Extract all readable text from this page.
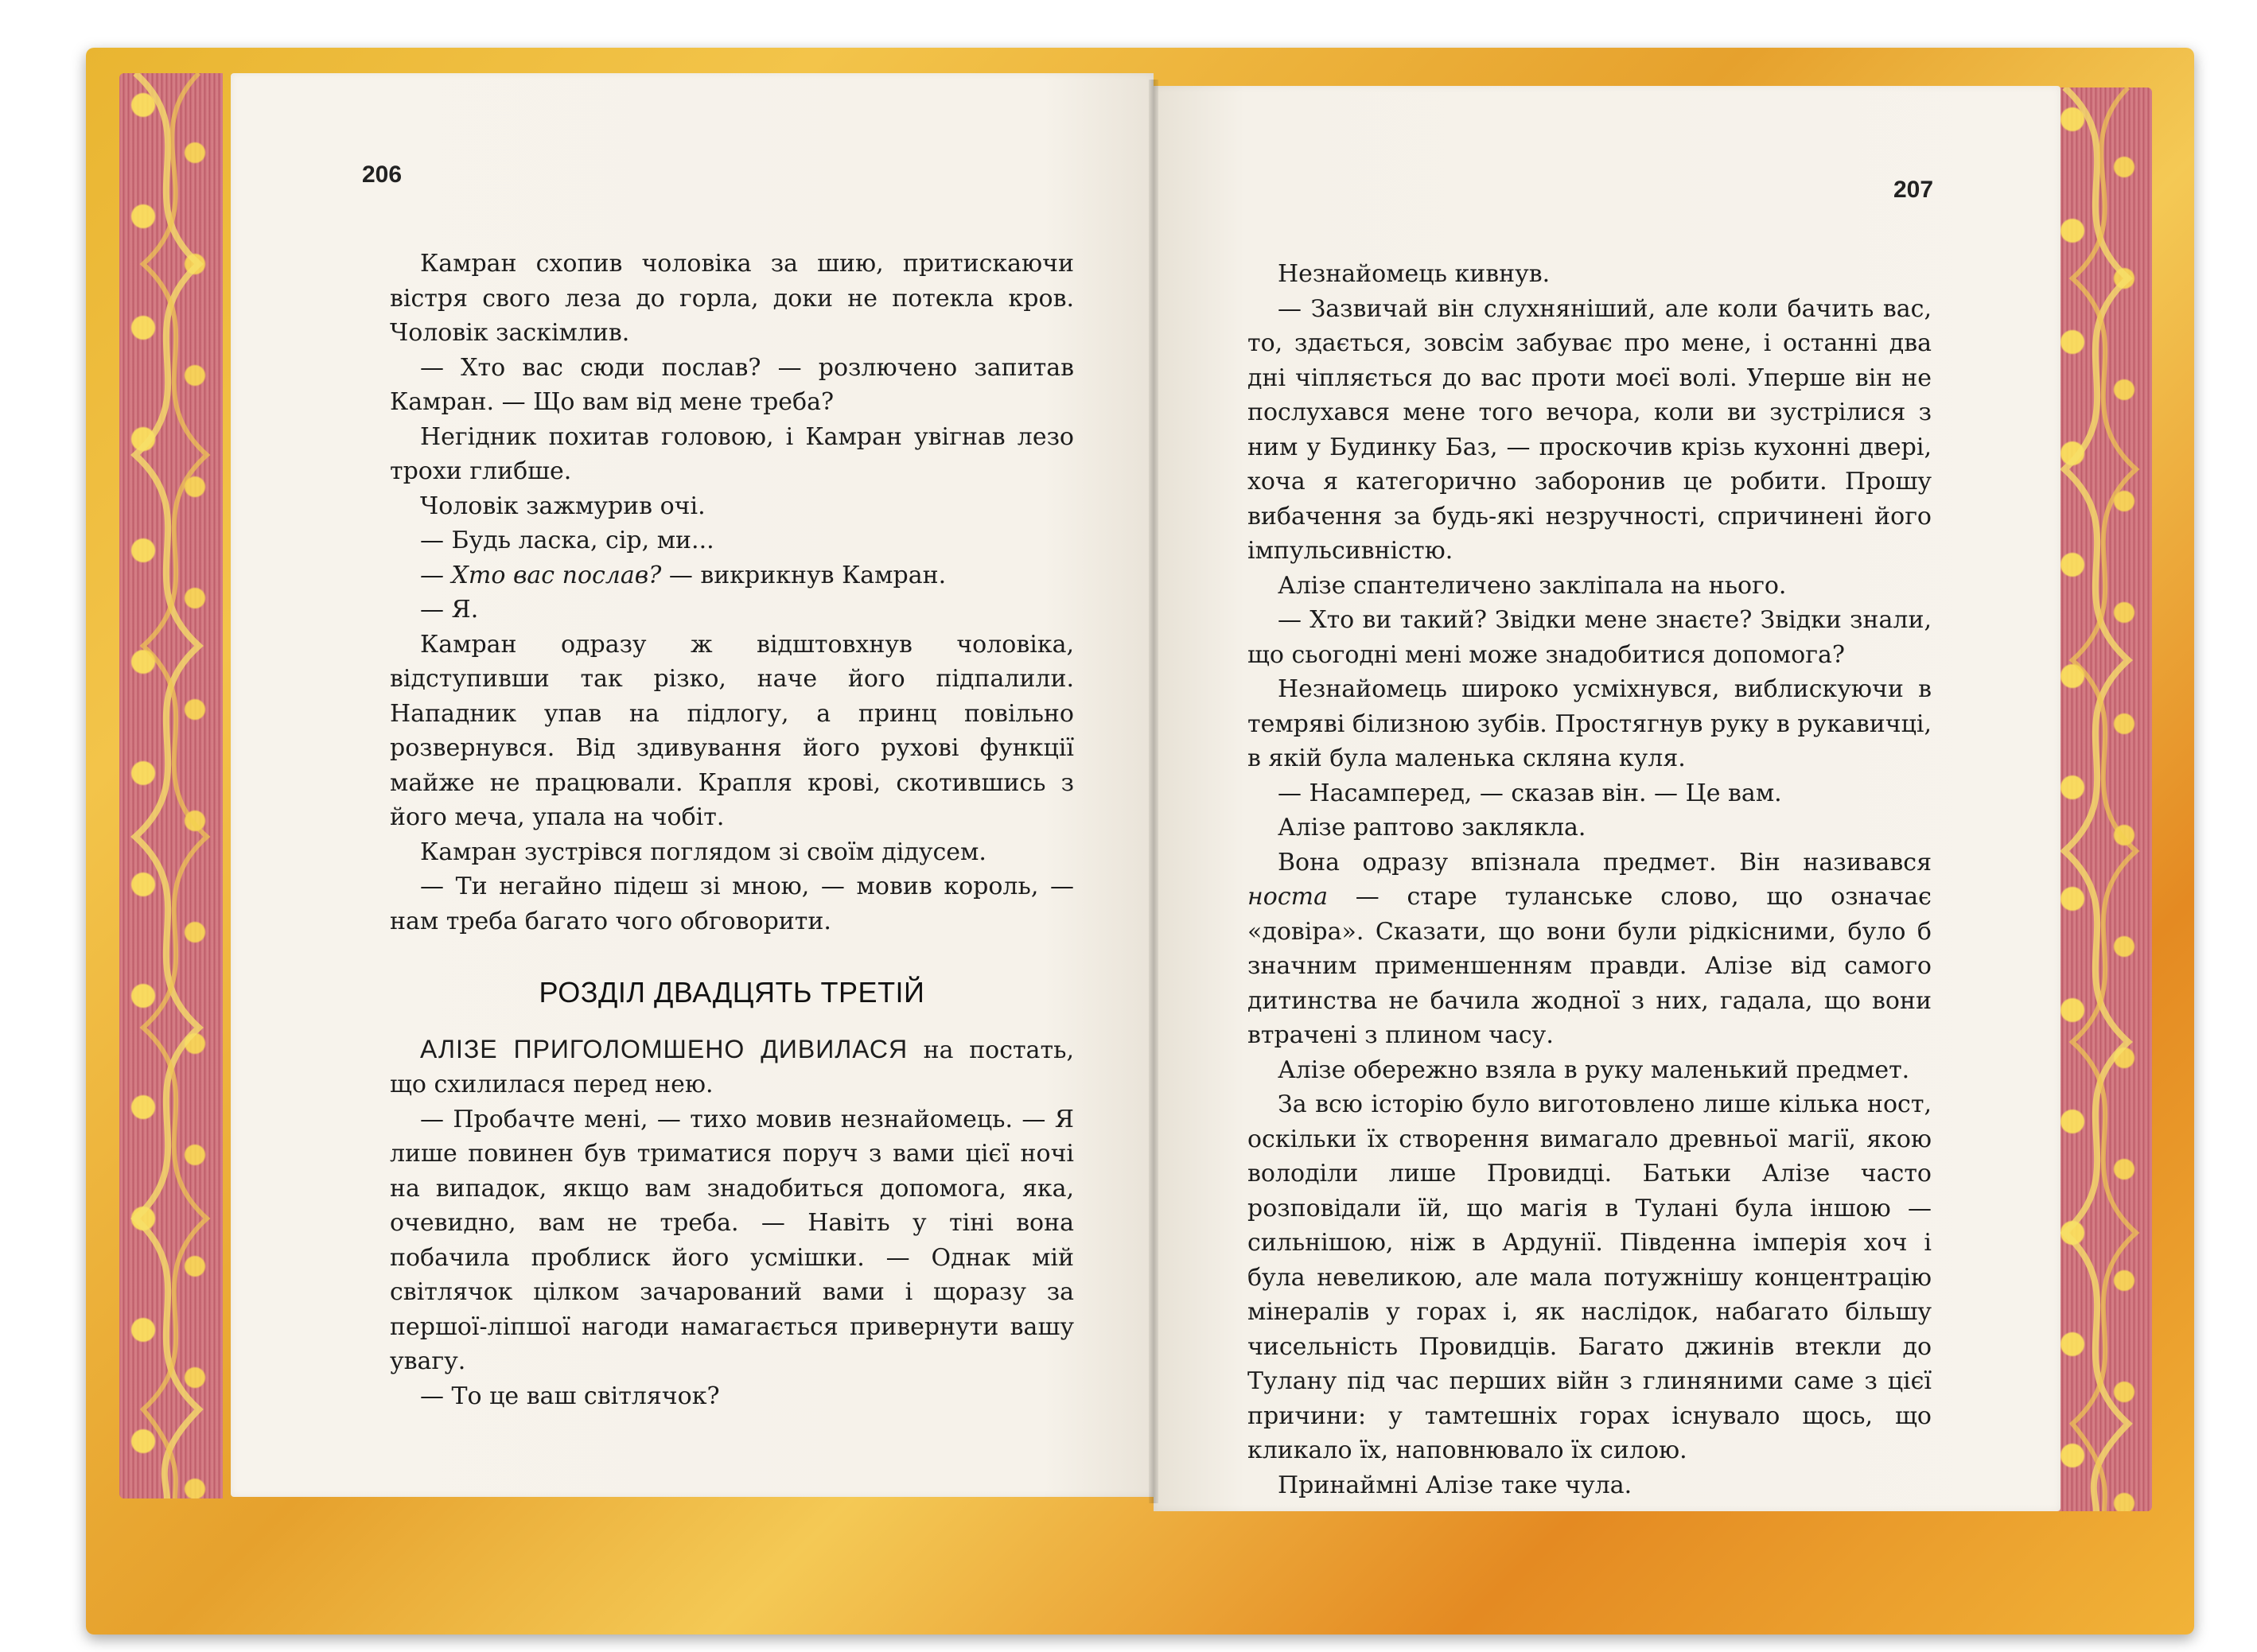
206
207

Камран схопив чоловіка за шию, притискаючи вістря свого леза до горла, доки не потекла кров. Чоловік заскімлив.

— Хто вас сюди послав? — розлючено запитав Камран. — Що вам від мене треба?

Негідник похитав головою, і Камран увігнав лезо трохи глибше.

Чоловік зажмурив очі.

— Будь ласка, сір, ми...

— Хто вас послав? — викрикнув Камран.

— Я.

Камран одразу ж відштовхнув чоловіка, відступивши так різко, наче його підпалили. Нападник упав на підлогу, а принц повільно розвернувся. Від здивування його рухові функції майже не працювали. Крапля крові, скотившись з його меча, упала на чобіт.

Камран зустрівся поглядом зі своїм дідусем.

— Ти негайно підеш зі мною, — мовив король, — нам треба багато чого обговорити.

РОЗДІЛ ДВАДЦЯТЬ ТРЕТІЙ

АЛІЗЕ ПРИГОЛОМШЕНО ДИВИЛАСЯ на постать, що схилилася перед нею.

— Пробачте мені, — тихо мовив незнайомець. — Я лише повинен був триматися поруч з вами цієї ночі на випадок, якщо вам знадобиться допомога, яка, очевидно, вам не треба. — Навіть у тіні вона побачила проблиск його усмішки. — Однак мій світлячок цілком зачарований вами і щоразу за першої-ліпшої нагоди намагається привернути вашу увагу.

— То це ваш світлячок?

Незнайомець кивнув.

— Зазвичай він слухняніший, але коли бачить вас, то, здається, зовсім забуває про мене, і останні два дні чіпляється до вас проти моєї волі. Уперше він не послухався мене того вечора, коли ви зустрілися з ним у Будинку Баз, — проскочив крізь кухонні двері, хоча я категорично заборонив це робити. Прошу вибачення за будь-які незручності, спричинені його імпульсивністю.

Алізе спантеличено закліпала на нього.

— Хто ви такий? Звідки мене знаєте? Звідки знали, що сьогодні мені може знадобитися допомога?

Незнайомець широко усміхнувся, виблискуючи в темряві білизною зубів. Простягнув руку в рукавичці, в якій була маленька скляна куля.

— Насамперед, — сказав він. — Це вам.

Алізе раптово заклякла.

Вона одразу впізнала предмет. Він називався носта — старе туланське слово, що означає «довіра». Сказати, що вони були рідкісними, було б значним применшенням правди. Алізе від самого дитинства не бачила жодної з них, гадала, що вони втрачені з плином часу.

Алізе обережно взяла в руку маленький предмет.

За всю історію було виготовлено лише кілька ност, оскільки їх створення вимагало древньої магії, якою володіли лише Провидці. Батьки Алізе часто розповідали їй, що магія в Тулані була іншою — сильнішою, ніж в Ардунії. Південна імперія хоч і була невеликою, але мала потужнішу концентрацію мінералів у горах і, як наслідок, набагато більшу чисельність Провидців. Багато джинів втекли до Тулану під час перших війн з глиняними саме з цієї причини: у тамтешніх горах існувало щось, що кликало їх, наповнювало їх силою.

Принаймні Алізе таке чула.
